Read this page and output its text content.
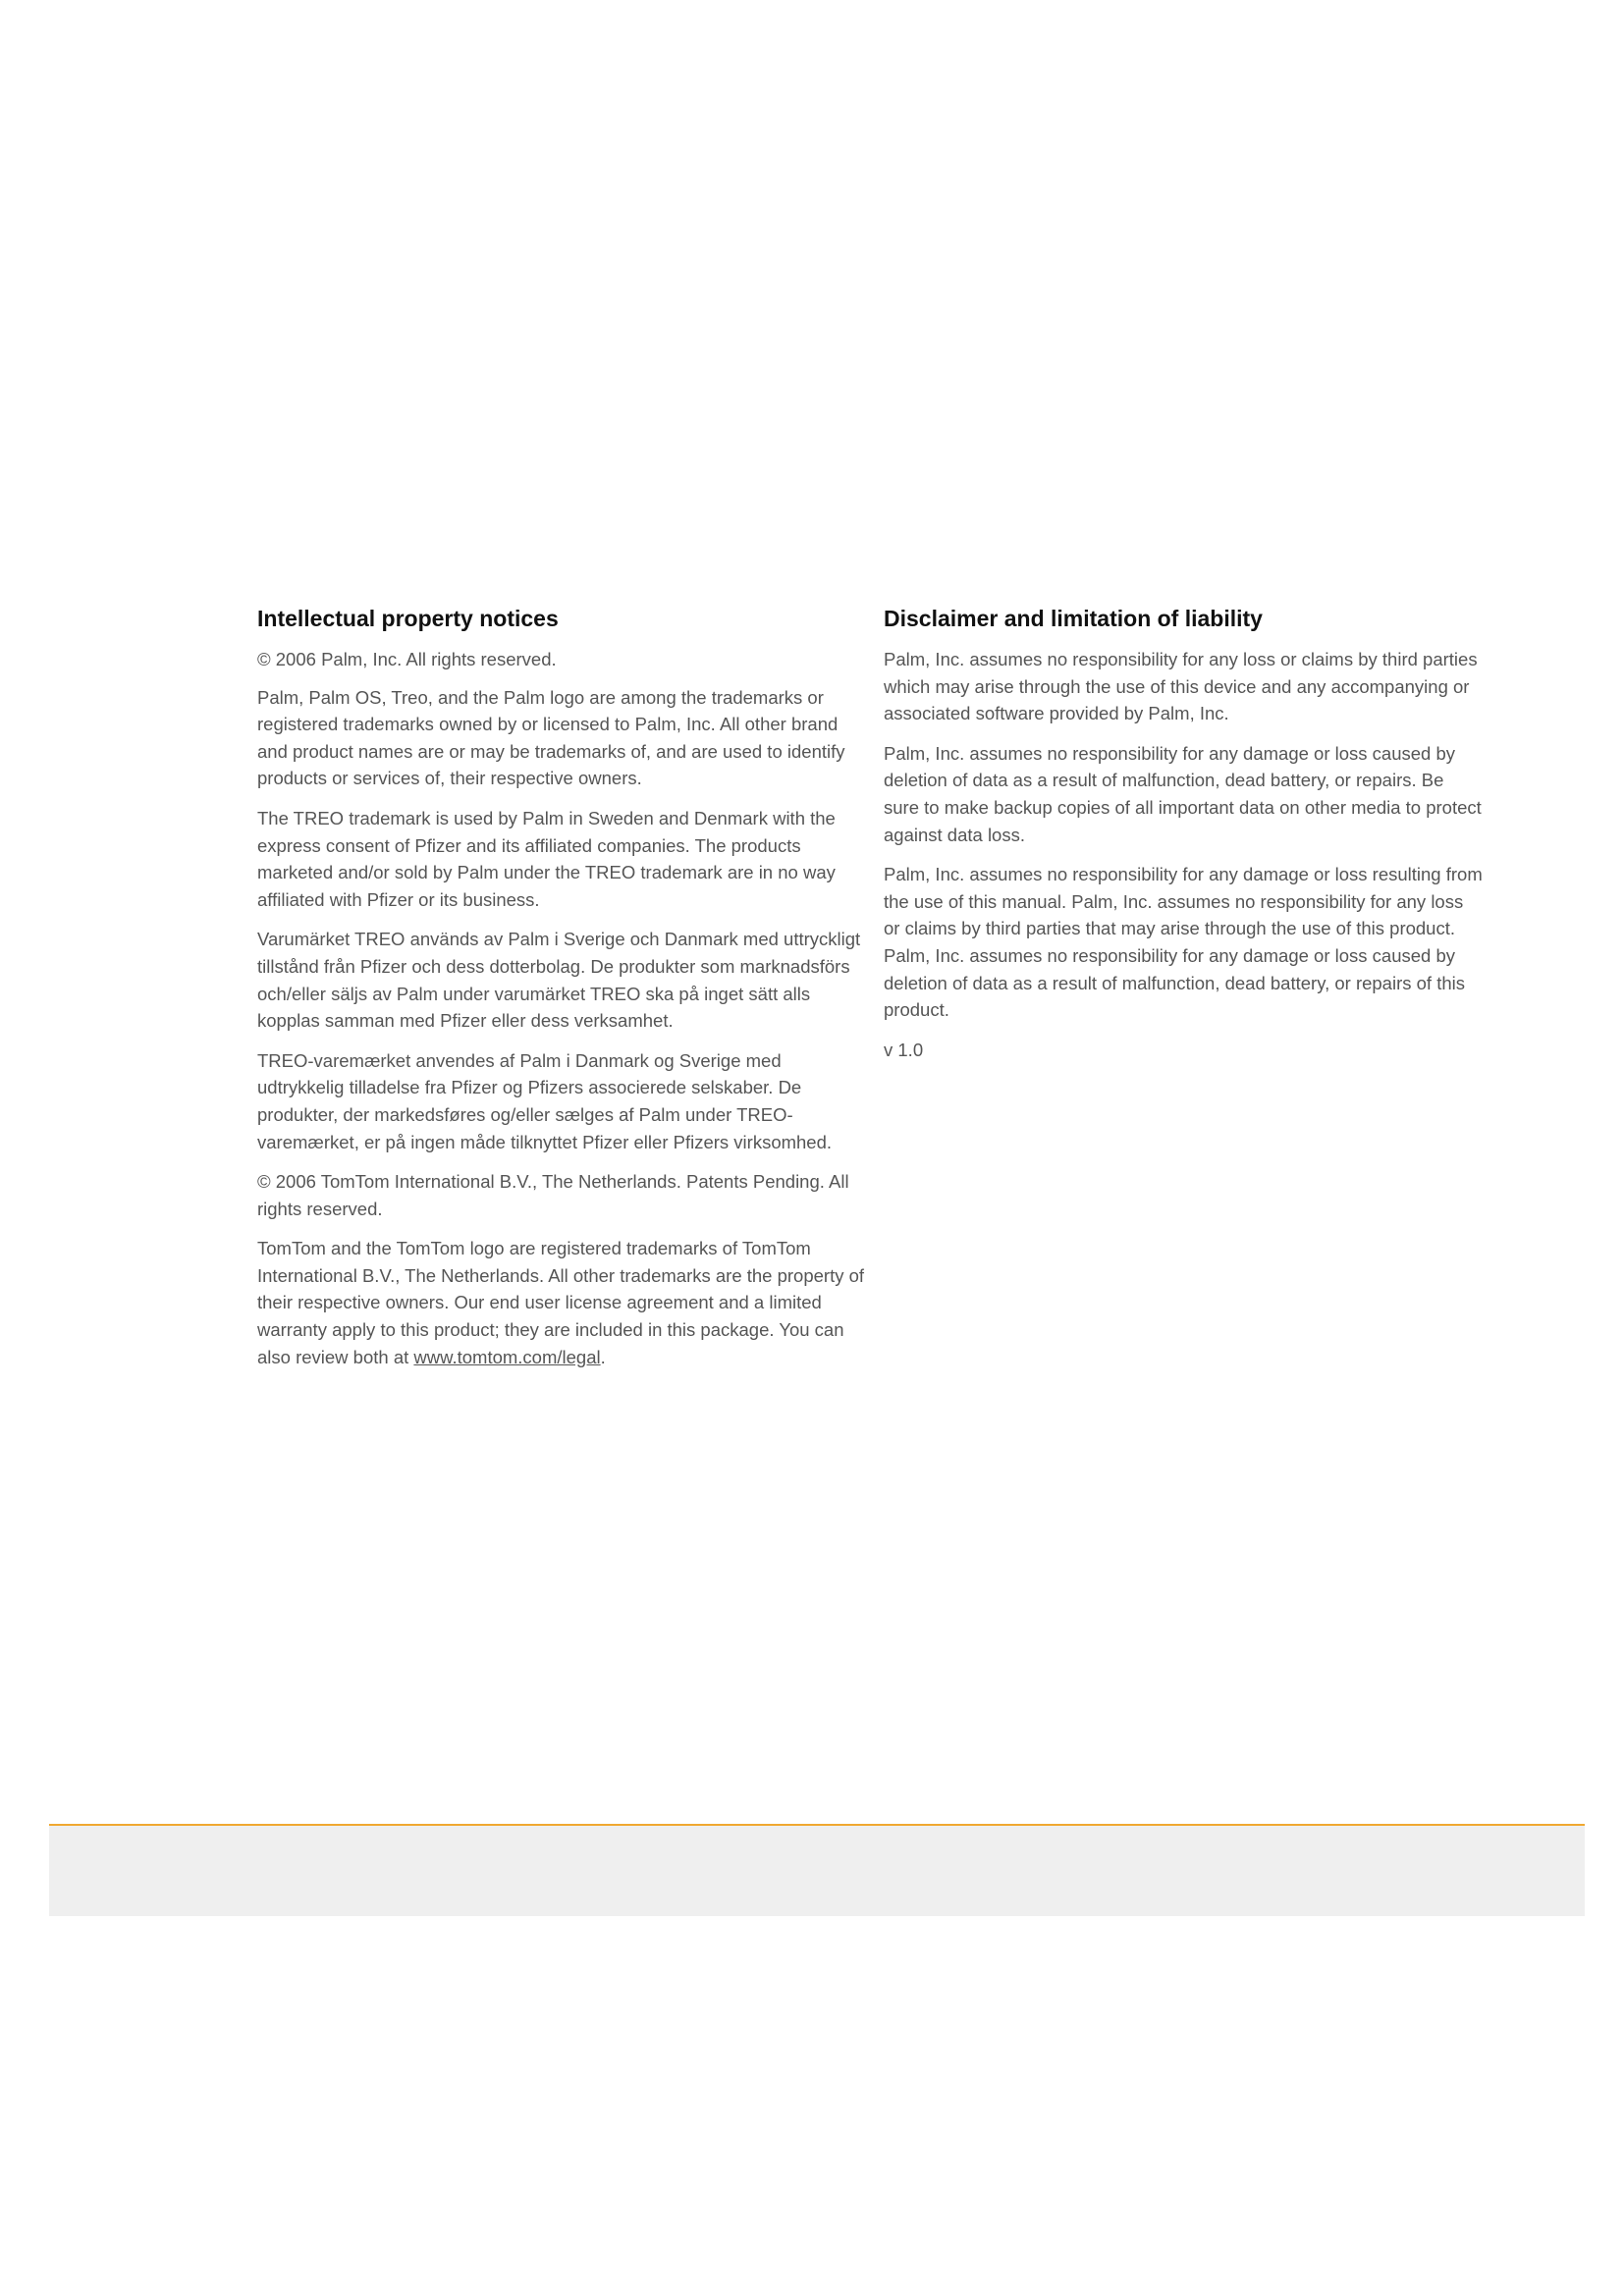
Intellectual property notices

© 2006 Palm, Inc. All rights reserved.

Palm, Palm OS, Treo, and the Palm logo are among the trademarks or registered trademarks owned by or licensed to Palm, Inc. All other brand and product names are or may be trademarks of, and are used to identify products or services of, their respective owners.

The TREO trademark is used by Palm in Sweden and Denmark with the express consent of Pfizer and its affiliated companies. The products marketed and/or sold by Palm under the TREO trademark are in no way affiliated with Pfizer or its business.

Varumärket TREO används av Palm i Sverige och Danmark med uttryckligt tillstånd från Pfizer och dess dotterbolag. De produkter som marknadsförs och/eller säljs av Palm under varumärket TREO ska på inget sätt alls kopplas samman med Pfizer eller dess verksamhet.

TREO-varemærket anvendes af Palm i Danmark og Sverige med udtrykkelig tilladelse fra Pfizer og Pfizers associerede selskaber. De produkter, der markedsføres og/eller sælges af Palm under TREO-varemærket, er på ingen måde tilknyttet Pfizer eller Pfizers virksomhed.

© 2006 TomTom International B.V., The Netherlands. Patents Pending. All rights reserved.

TomTom and the TomTom logo are registered trademarks of TomTom International B.V., The Netherlands. All other trademarks are the property of their respective owners. Our end user license agreement and a limited warranty apply to this product; they are included in this package. You can also review both at www.tomtom.com/legal.

Disclaimer and limitation of liability

Palm, Inc. assumes no responsibility for any loss or claims by third parties which may arise through the use of this device and any accompanying or associated software provided by Palm, Inc.

Palm, Inc. assumes no responsibility for any damage or loss caused by deletion of data as a result of malfunction, dead battery, or repairs. Be sure to make backup copies of all important data on other media to protect against data loss.

Palm, Inc. assumes no responsibility for any damage or loss resulting from the use of this manual. Palm, Inc. assumes no responsibility for any loss or claims by third parties that may arise through the use of this product. Palm, Inc. assumes no responsibility for any damage or loss caused by deletion of data as a result of malfunction, dead battery, or repairs of this product.

v 1.0
